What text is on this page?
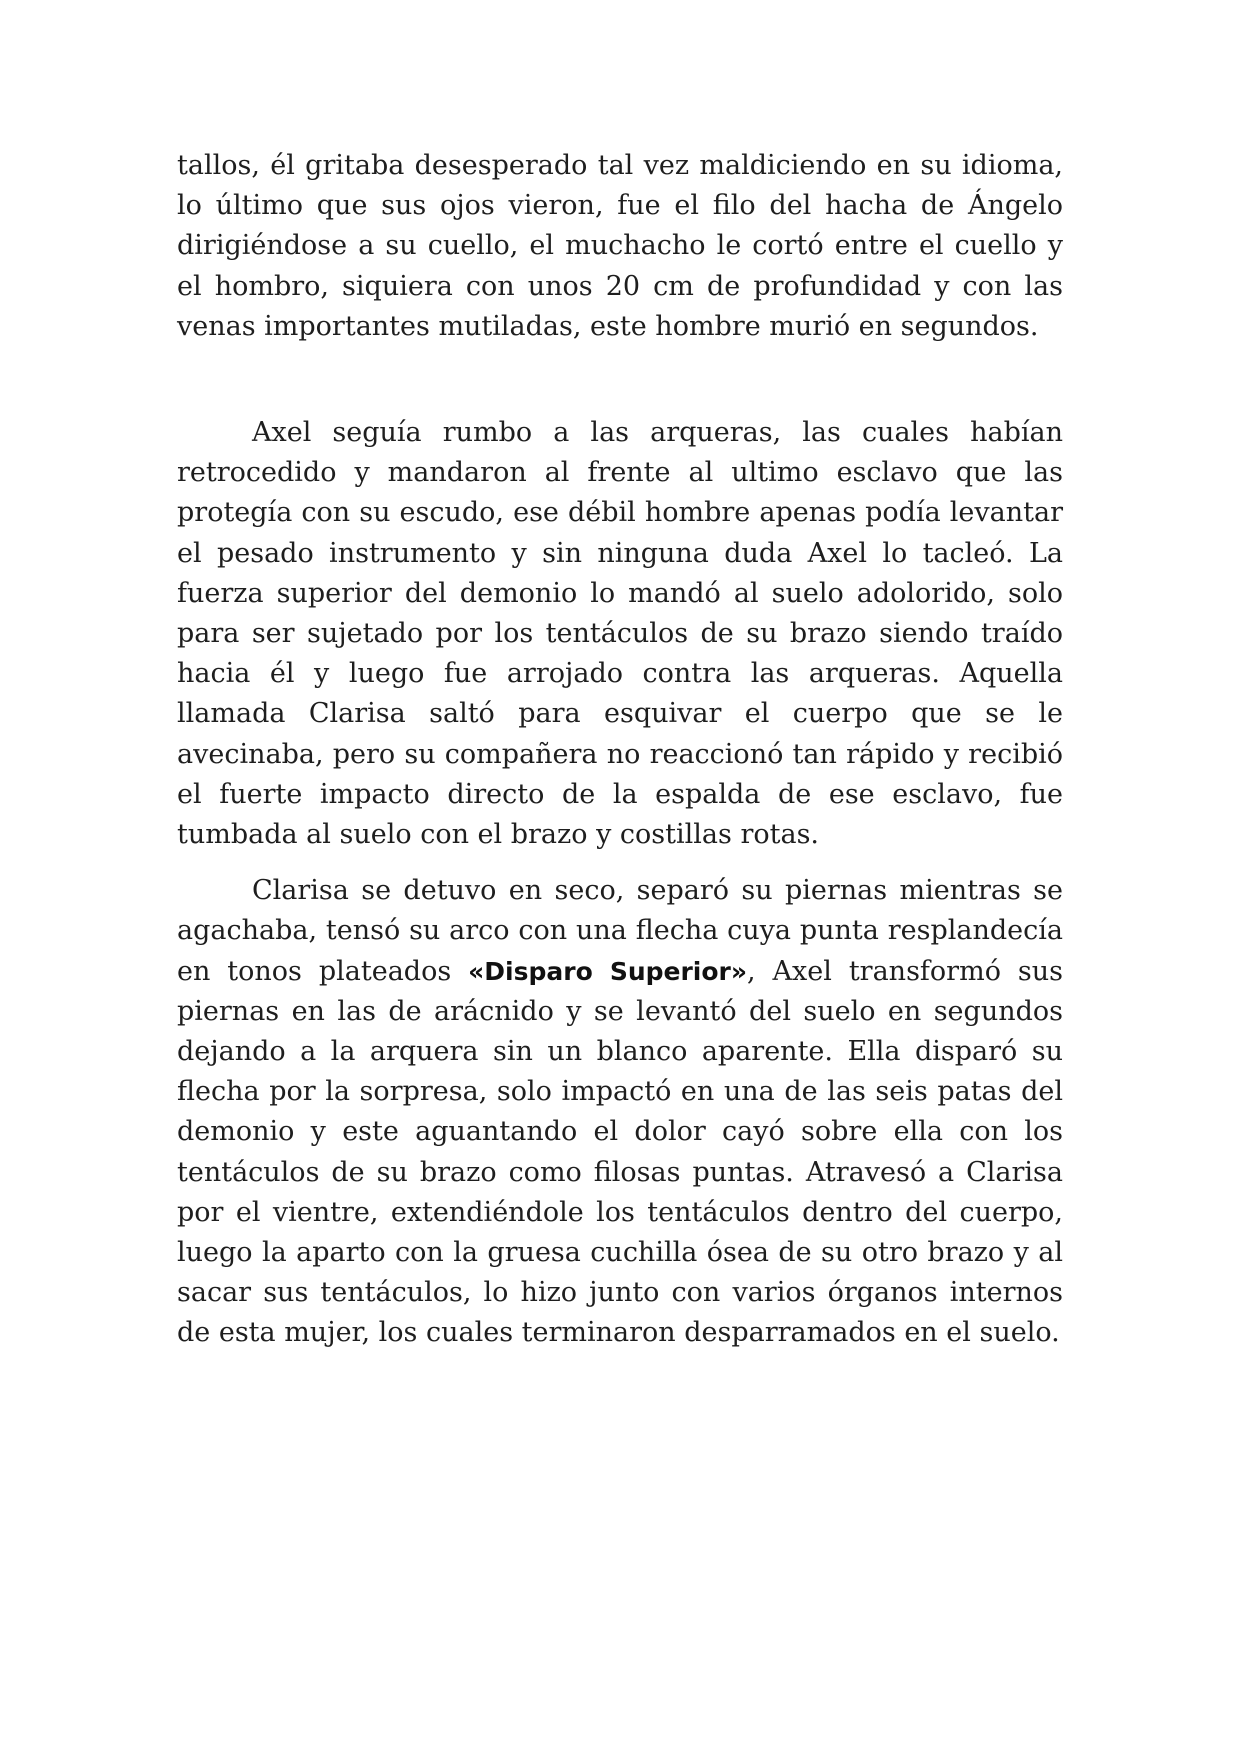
tallos, él gritaba desesperado tal vez maldiciendo en su idioma, lo último que sus ojos vieron, fue el filo del hacha de Ángelo dirigiéndose a su cuello, el muchacho le cortó entre el cuello y el hombro, siquiera con unos 20 cm de profundidad y con las venas importantes mutiladas, este hombre murió en segundos.

Axel seguía rumbo a las arqueras, las cuales habían retrocedido y mandaron al frente al ultimo esclavo que las protegía con su escudo, ese débil hombre apenas podía levantar el pesado instrumento y sin ninguna duda Axel lo tacleó. La fuerza superior del demonio lo mandó al suelo adolorido, solo para ser sujetado por los tentáculos de su brazo siendo traído hacia él y luego fue arrojado contra las arqueras. Aquella llamada Clarisa saltó para esquivar el cuerpo que se le avecinaba, pero su compañera no reaccionó tan rápido y recibió el fuerte impacto directo de la espalda de ese esclavo, fue tumbada al suelo con el brazo y costillas rotas.

Clarisa se detuvo en seco, separó su piernas mientras se agachaba, tensó su arco con una flecha cuya punta resplandecía en tonos plateados «Disparo Superior», Axel transformó sus piernas en las de arácnido y se levantó del suelo en segundos dejando a la arquera sin un blanco aparente. Ella disparó su flecha por la sorpresa, solo impactó en una de las seis patas del demonio y este aguantando el dolor cayó sobre ella con los tentáculos de su brazo como filosas puntas. Atravesó a Clarisa por el vientre, extendiéndole los tentáculos dentro del cuerpo, luego la aparto con la gruesa cuchilla ósea de su otro brazo y al sacar sus tentáculos, lo hizo junto con varios órganos internos de esta mujer, los cuales terminaron desparramados en el suelo.
